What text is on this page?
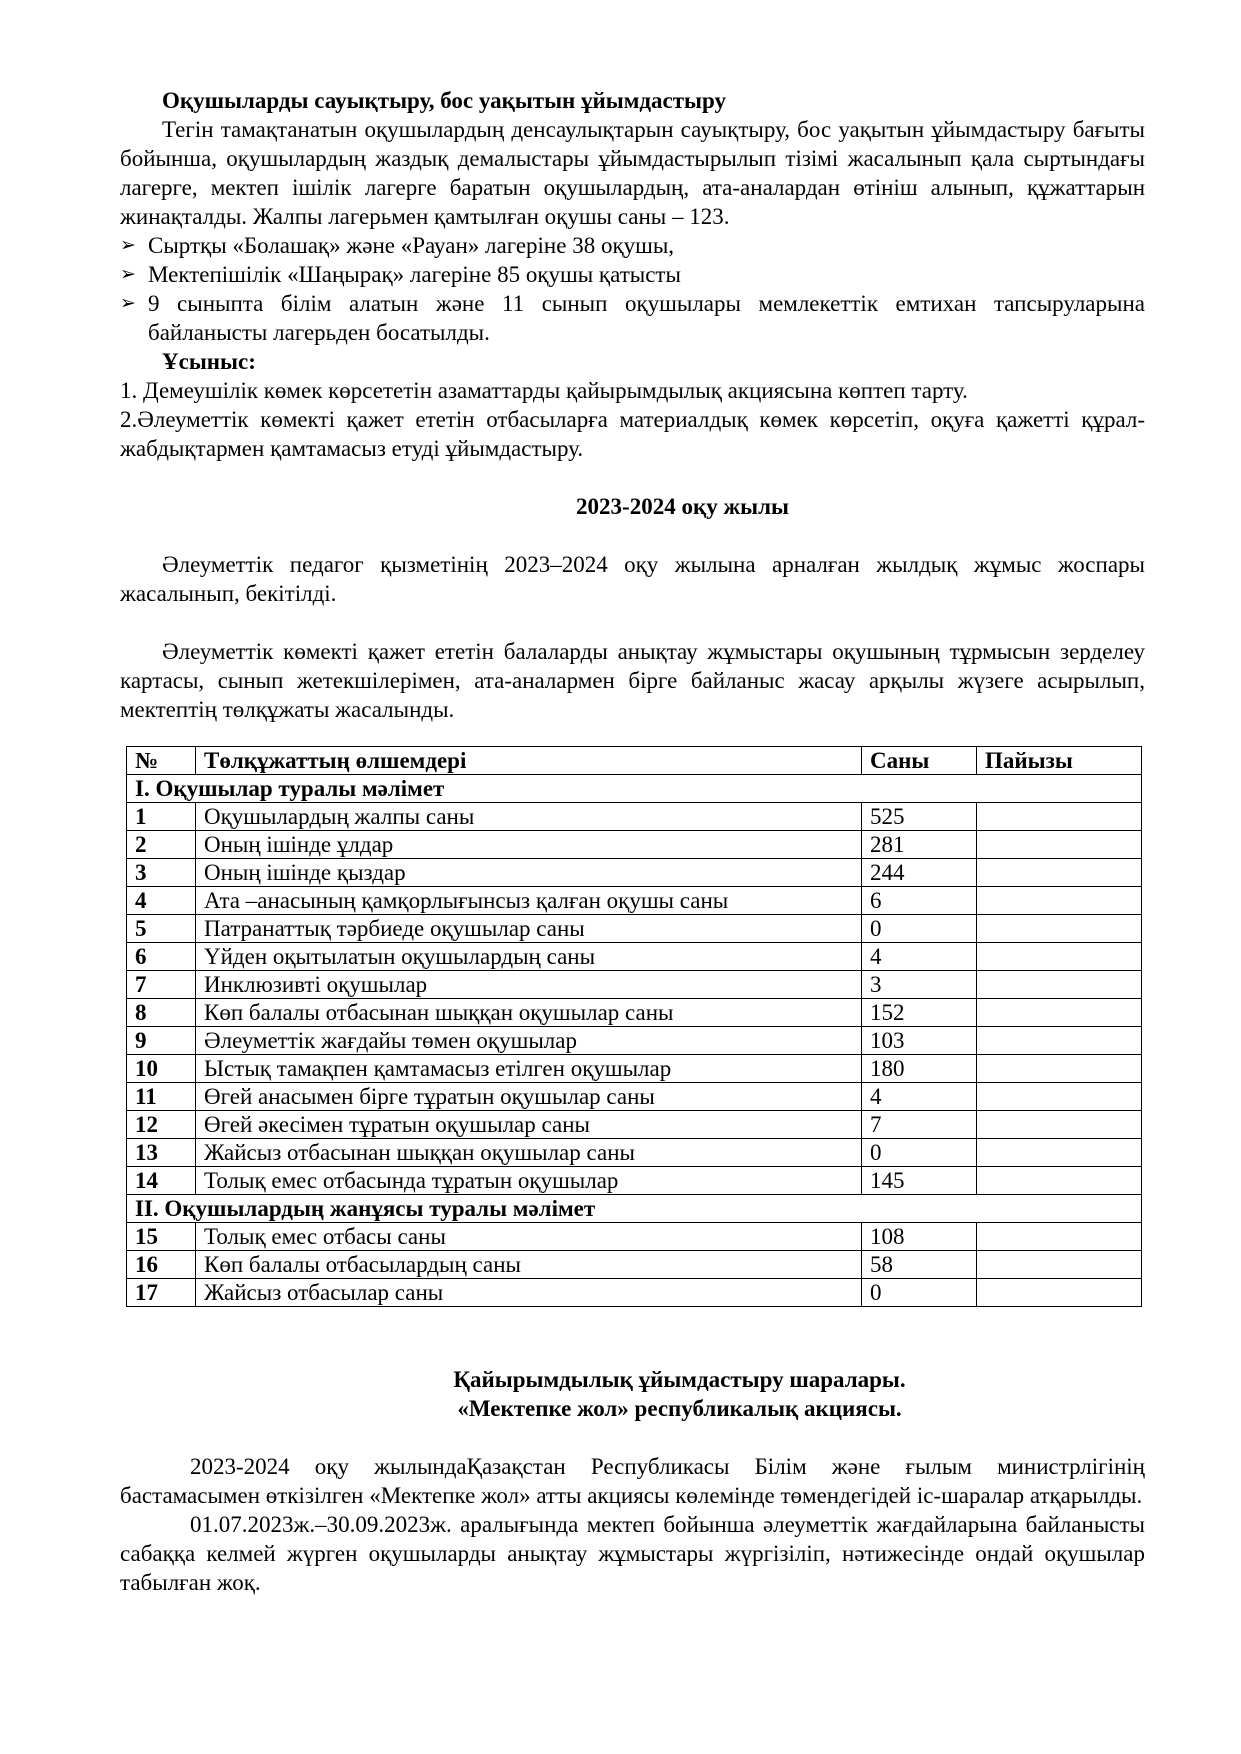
Оқушыларды сауықтыру, бос уақытын ұйымдастыру

Тегін тамақтанатын оқушылардың денсаулықтарын сауықтыру, бос уақытын ұйымдастыру бағыты бойынша, оқушылардың жаздық демалыстары ұйымдастырылып тізімі жасалынып қала сыртындағы лагерге, мектеп ішілік лагерге баратын оқушылардың, ата-аналардан өтініш алынып, құжаттарын жинақталды. Жалпы лагерьмен қамтылған оқушы саны – 123.

➢ Сыртқы «Болашақ» және «Рауан» лагеріне 38 оқушы,
➢ Мектепішілік «Шаңырақ» лагеріне 85 оқушы қатысты
➢ 9 сыныпта білім алатын және 11 сынып оқушылары мемлекеттік емтихан тапсыруларына байланысты лагерьден босатылды.

Ұсыныс:

1. Демеушілік көмек көрсететін азаматтарды қайырымдылық акциясына көптеп тарту.

2.Әлеуметтік көмекті қажет ететін отбасыларға материалдық көмек көрсетіп, оқуға қажетті құрал-жабдықтармен қамтамасыз етуді ұйымдастыру.

2023-2024 оқу жылы

Әлеуметтік педагог қызметінің 2023–2024 оқу жылына арналған жылдық жұмыс жоспары жасалынып, бекітілді.

Әлеуметтік көмекті қажет ететін балаларды анықтау жұмыстары оқушының тұрмысын зерделеу картасы, сынып жетекшілерімен, ата-аналармен бірге байланыс жасау арқылы жүзеге асырылып, мектептің төлқұжаты жасалынды.

№	Төлқұжаттың өлшемдері	Саны	Пайызы
I. Оқушылар туралы мәлімет			
1	Оқушылардың жалпы саны	525	
2	Оның ішінде ұлдар	281	
3	Оның ішінде қыздар	244	
4	Ата –анасының қамқорлығынсыз қалған оқушы саны	6	
5	Патранаттық тәрбиеде оқушылар саны	0	
6	Үйден оқытылатын оқушылардың саны	4	
7	Инклюзивті оқушылар	3	
8	Көп балалы отбасынан шыққан оқушылар саны	152	
9	Әлеуметтік жағдайы төмен оқушылар	103	
10	Ыстық тамақпен қамтамасыз етілген оқушылар	180	
11	Өгей анасымен бірге тұратын оқушылар саны	4	
12	Өгей әкесімен тұратын оқушылар саны	7	
13	Жайсыз отбасынан шыққан оқушылар саны	0	
14	Толық емес отбасында тұратын оқушылар	145	
II. Оқушылардың жанұясы туралы мәлімет			
15	Толық емес отбасы саны	108	
16	Көп балалы отбасылардың саны	58	
17	Жайсыз отбасылар саны	0	

Қайырымдылық ұйымдастыру шаралары.

«Мектепке жол» республикалық акциясы.

2023-2024 оқу жылындаҚазақстан Республикасы Білім және ғылым министрлігінің бастамасымен өткізілген «Мектепке жол» атты акциясы көлемінде төмендегідей іс-шаралар атқарылды.

01.07.2023ж.–30.09.2023ж. аралығында мектеп бойынша әлеуметтік жағдайларына байланысты сабаққа келмей жүрген оқушыларды анықтау жұмыстары жүргізіліп, нәтижесінде ондай оқушылар табылған жоқ.
